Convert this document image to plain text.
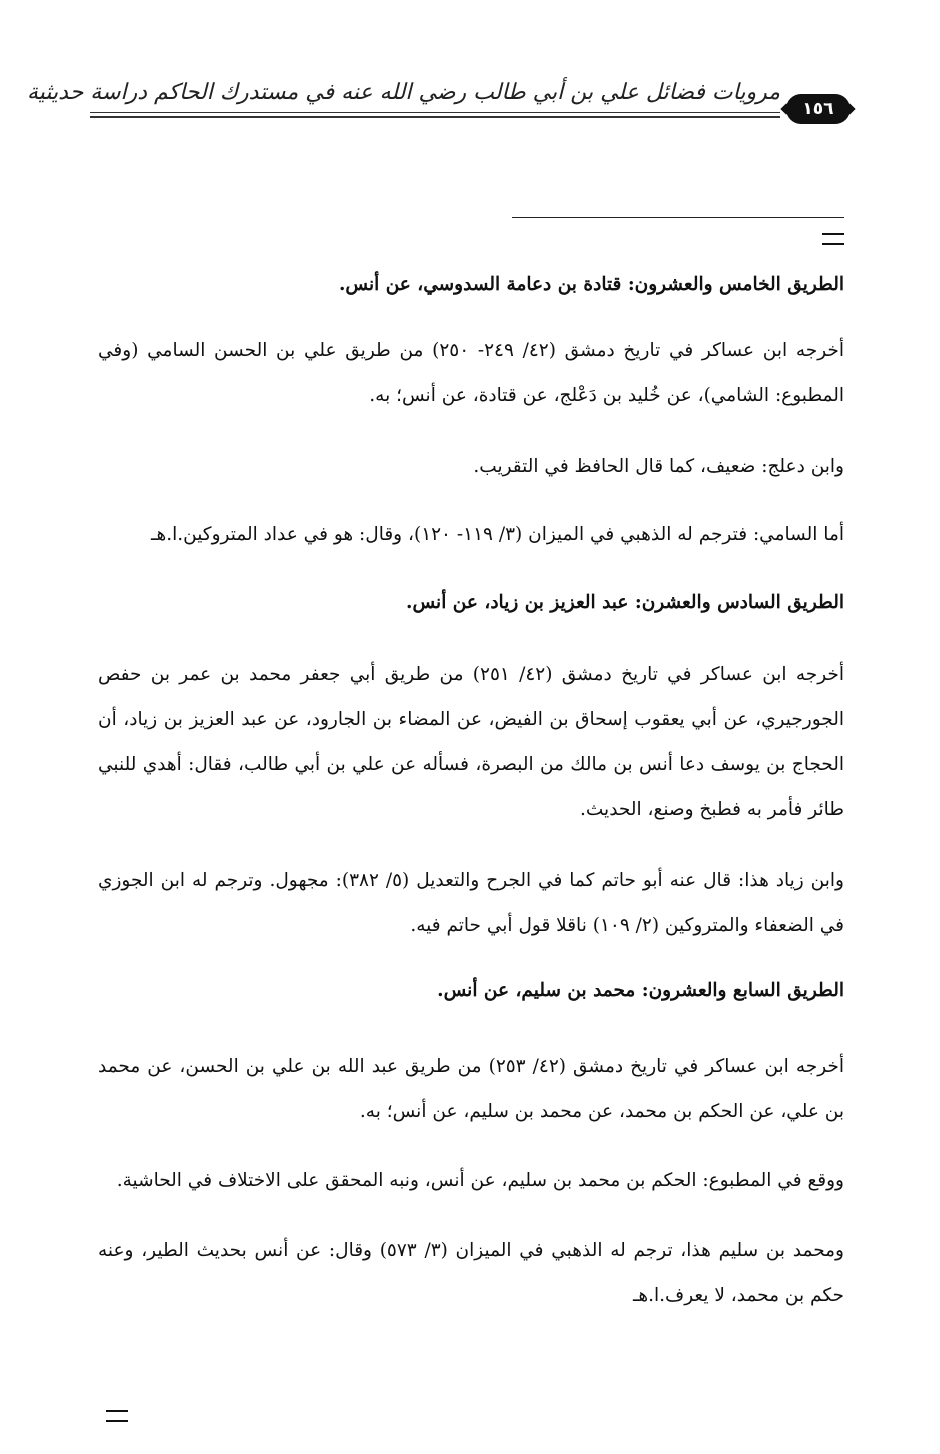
مرويات فضائل علي بن أبي طالب رضي الله عنه في مستدرك الحاكم دراسة حديثية
١٥٦

الطريق الخامس والعشرون: قتادة بن دعامة السدوسي، عن أنس.

أخرجه ابن عساكر في تاريخ دمشق (٤٢/ ٢٤٩- ٢٥٠) من طريق علي بن الحسن السامي (وفي المطبوع: الشامي)، عن خُليد بن دَعْلج، عن قتادة، عن أنس؛ به.

وابن دعلج: ضعيف، كما قال الحافظ في التقريب.

أما السامي: فترجم له الذهبي في الميزان (٣/ ١١٩- ١٢٠)، وقال: هو في عداد المتروكين.ا.هـ

الطريق السادس والعشرن: عبد العزيز بن زياد، عن أنس.

أخرجه ابن عساكر في تاريخ دمشق (٤٢/ ٢٥١) من طريق أبي جعفر محمد بن عمر بن حفص الجورجيري، عن أبي يعقوب إسحاق بن الفيض، عن المضاء بن الجارود، عن عبد العزيز بن زياد، أن الحجاج بن يوسف دعا أنس بن مالك من البصرة، فسأله عن علي بن أبي طالب، فقال: أهدي للنبي طائر فأمر به فطبخ وصنع، الحديث.

وابن زياد هذا: قال عنه أبو حاتم كما في الجرح والتعديل (٥/ ٣٨٢): مجهول. وترجم له ابن الجوزي في الضعفاء والمتروكين (٢/ ١٠٩) ناقلا قول أبي حاتم فيه.

الطريق السابع والعشرون: محمد بن سليم، عن أنس.

أخرجه ابن عساكر في تاريخ دمشق (٤٢/ ٢٥٣) من طريق عبد الله بن علي بن الحسن، عن محمد بن علي، عن الحكم بن محمد، عن محمد بن سليم، عن أنس؛ به.

ووقع في المطبوع: الحكم بن محمد بن سليم، عن أنس، ونبه المحقق على الاختلاف في الحاشية.

ومحمد بن سليم هذا، ترجم له الذهبي في الميزان (٣/ ٥٧٣) وقال: عن أنس بحديث الطير، وعنه حكم بن محمد، لا يعرف.ا.هـ
